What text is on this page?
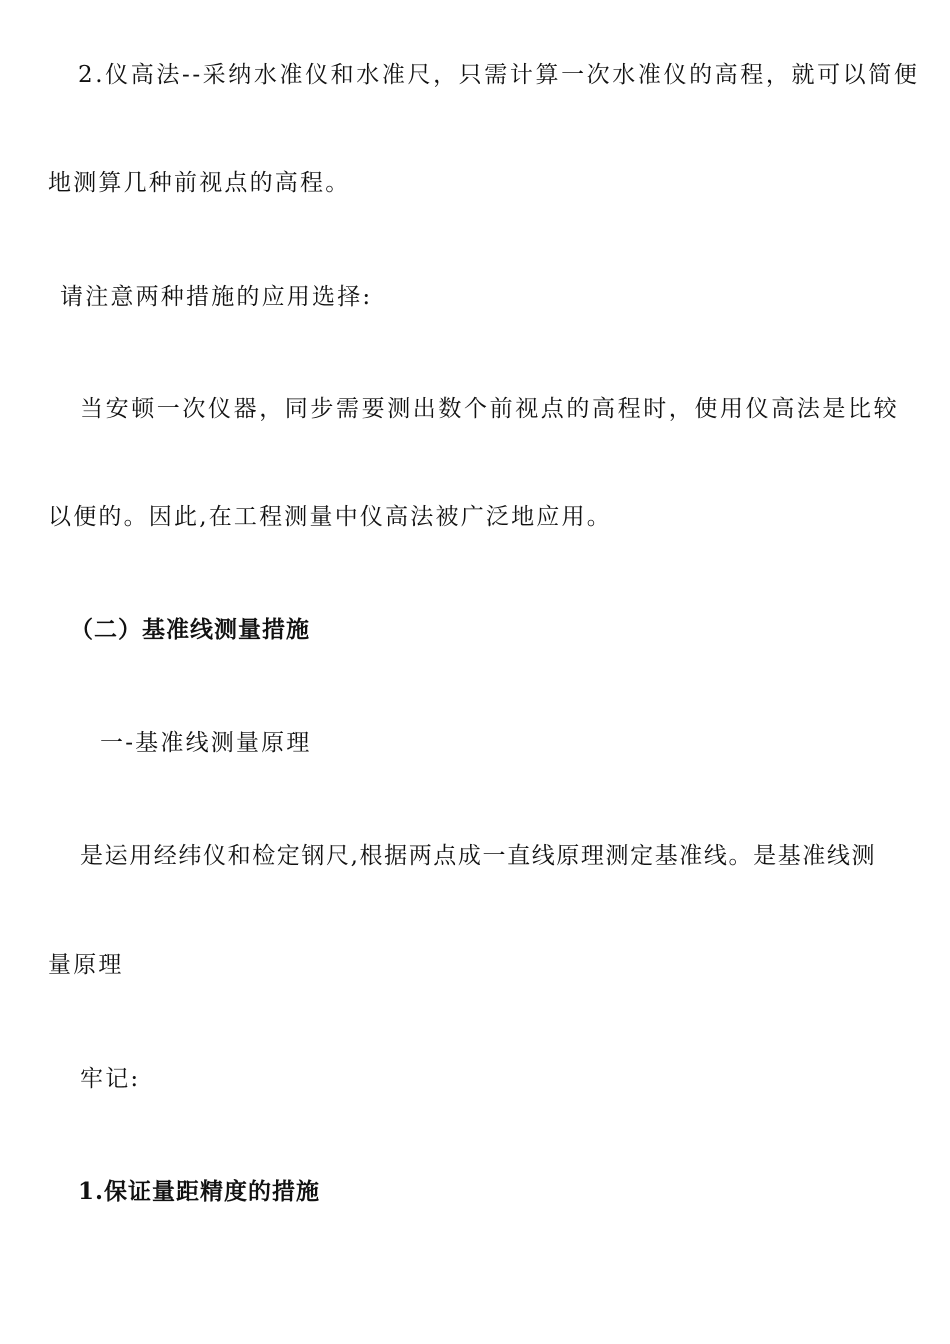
2.仪高法--采纳水准仪和水准尺，只需计算一次水准仪的高程，就可以简便
地测算几种前视点的高程。
请注意两种措施的应用选择:
当安顿一次仪器，同步需要测出数个前视点的高程时，使用仪高法是比较
以便的。因此,在工程测量中仪高法被广泛地应用。
（二）基准线测量措施
一-基准线测量原理
是运用经纬仪和检定钢尺,根据两点成一直线原理测定基准线。是基准线测
量原理
牢记:
1.保证量距精度的措施
